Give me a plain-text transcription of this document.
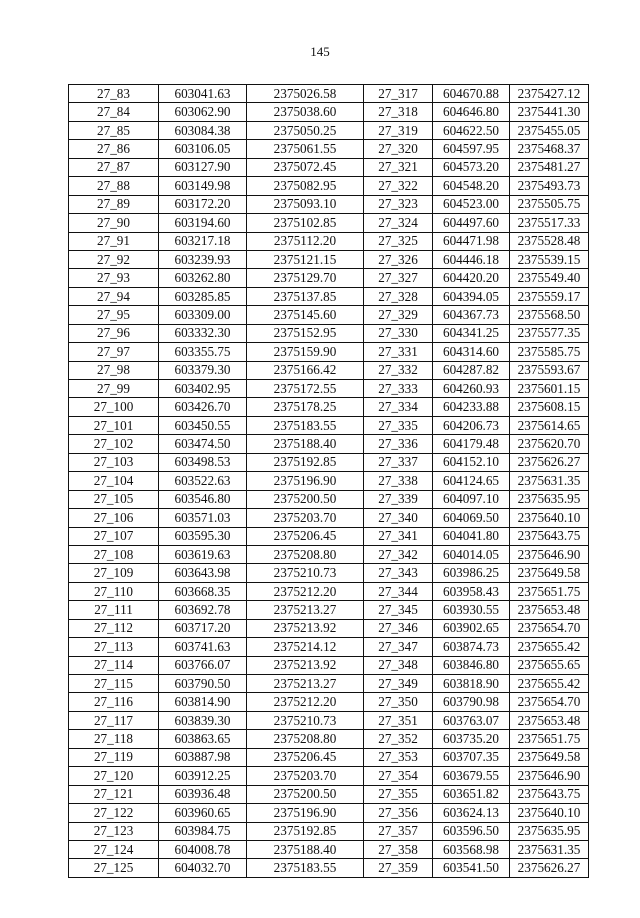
145
27_83	603041.63	2375026.58	27_317	604670.88	2375427.12
27_84	603062.90	2375038.60	27_318	604646.80	2375441.30
27_85	603084.38	2375050.25	27_319	604622.50	2375455.05
27_86	603106.05	2375061.55	27_320	604597.95	2375468.37
27_87	603127.90	2375072.45	27_321	604573.20	2375481.27
27_88	603149.98	2375082.95	27_322	604548.20	2375493.73
27_89	603172.20	2375093.10	27_323	604523.00	2375505.75
27_90	603194.60	2375102.85	27_324	604497.60	2375517.33
27_91	603217.18	2375112.20	27_325	604471.98	2375528.48
27_92	603239.93	2375121.15	27_326	604446.18	2375539.15
27_93	603262.80	2375129.70	27_327	604420.20	2375549.40
27_94	603285.85	2375137.85	27_328	604394.05	2375559.17
27_95	603309.00	2375145.60	27_329	604367.73	2375568.50
27_96	603332.30	2375152.95	27_330	604341.25	2375577.35
27_97	603355.75	2375159.90	27_331	604314.60	2375585.75
27_98	603379.30	2375166.42	27_332	604287.82	2375593.67
27_99	603402.95	2375172.55	27_333	604260.93	2375601.15
27_100	603426.70	2375178.25	27_334	604233.88	2375608.15
27_101	603450.55	2375183.55	27_335	604206.73	2375614.65
27_102	603474.50	2375188.40	27_336	604179.48	2375620.70
27_103	603498.53	2375192.85	27_337	604152.10	2375626.27
27_104	603522.63	2375196.90	27_338	604124.65	2375631.35
27_105	603546.80	2375200.50	27_339	604097.10	2375635.95
27_106	603571.03	2375203.70	27_340	604069.50	2375640.10
27_107	603595.30	2375206.45	27_341	604041.80	2375643.75
27_108	603619.63	2375208.80	27_342	604014.05	2375646.90
27_109	603643.98	2375210.73	27_343	603986.25	2375649.58
27_110	603668.35	2375212.20	27_344	603958.43	2375651.75
27_111	603692.78	2375213.27	27_345	603930.55	2375653.48
27_112	603717.20	2375213.92	27_346	603902.65	2375654.70
27_113	603741.63	2375214.12	27_347	603874.73	2375655.42
27_114	603766.07	2375213.92	27_348	603846.80	2375655.65
27_115	603790.50	2375213.27	27_349	603818.90	2375655.42
27_116	603814.90	2375212.20	27_350	603790.98	2375654.70
27_117	603839.30	2375210.73	27_351	603763.07	2375653.48
27_118	603863.65	2375208.80	27_352	603735.20	2375651.75
27_119	603887.98	2375206.45	27_353	603707.35	2375649.58
27_120	603912.25	2375203.70	27_354	603679.55	2375646.90
27_121	603936.48	2375200.50	27_355	603651.82	2375643.75
27_122	603960.65	2375196.90	27_356	603624.13	2375640.10
27_123	603984.75	2375192.85	27_357	603596.50	2375635.95
27_124	604008.78	2375188.40	27_358	603568.98	2375631.35
27_125	604032.70	2375183.55	27_359	603541.50	2375626.27
